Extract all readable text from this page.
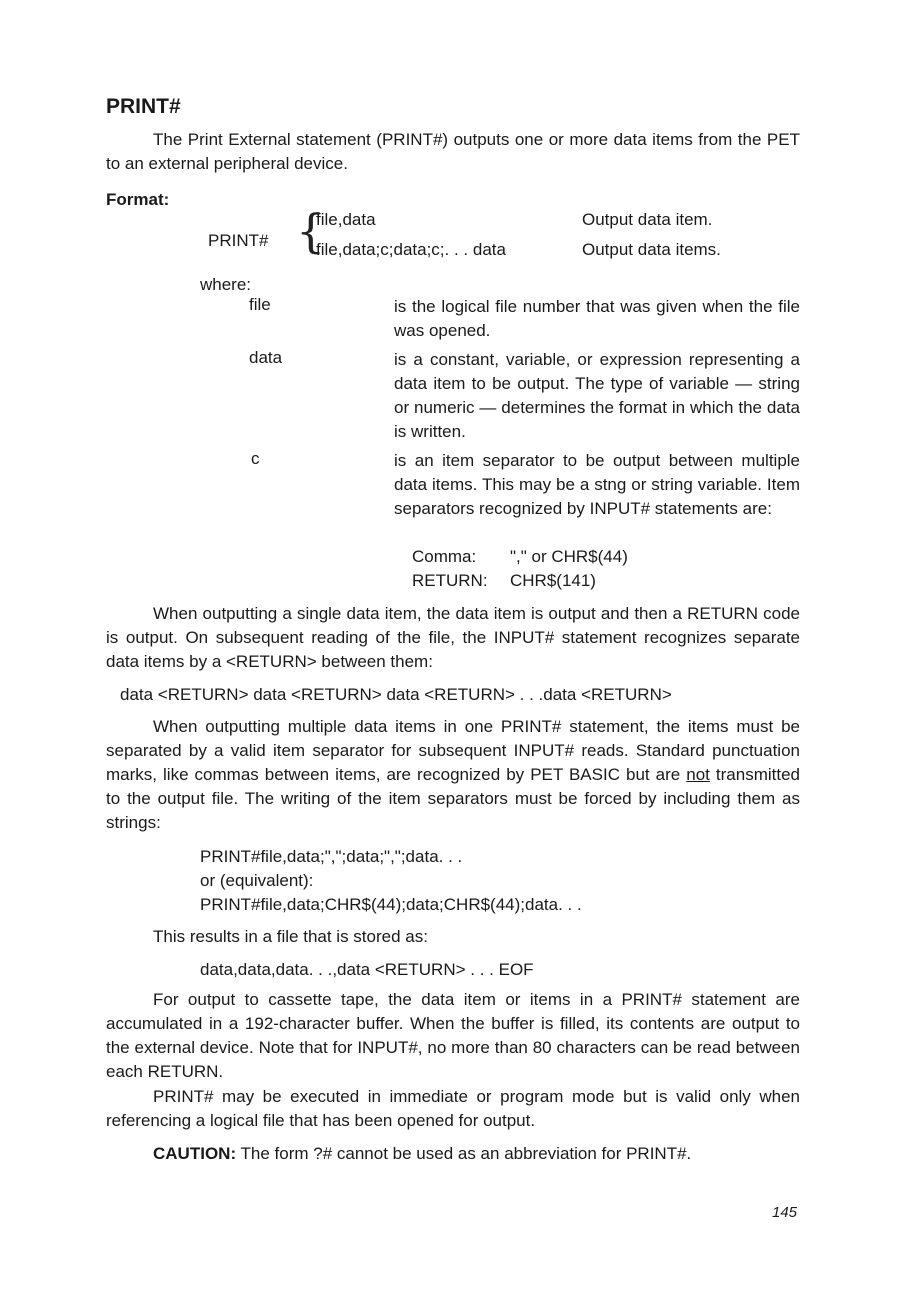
PRINT#
The Print External statement (PRINT#) outputs one or more data items from the PET to an external peripheral device.
Format:
PRINT# {
file,data	Output data item.
file,data;c;data;c;. . . data	Output data items.
where:
file	is the logical file number that was given when the file was opened.
data	is a constant, variable, or expression representing a data item to be output. The type of variable — string or numeric — determines the format in which the data is written.
c	is an item separator to be output between multiple data items. This may be a stng or string variable. Item separators recognized by INPUT# statements are:
Comma: "," or CHR$(44)
RETURN: CHR$(141)
When outputting a single data item, the data item is output and then a RETURN code is output. On subsequent reading of the file, the INPUT# statement recognizes separate data items by a <RETURN> between them:
data <RETURN> data <RETURN> data <RETURN> . . .data <RETURN>
When outputting multiple data items in one PRINT# statement, the items must be separated by a valid item separator for subsequent INPUT# reads. Standard punctuation marks, like commas between items, are recognized by PET BASIC but are not transmitted to the output file. The writing of the item separators must be forced by including them as strings:
PRINT#file,data;",";data;",";data. . .
or (equivalent):
PRINT#file,data;CHR$(44);data;CHR$(44);data. . .
This results in a file that is stored as:
data,data,data. . .,data <RETURN> . . . EOF
For output to cassette tape, the data item or items in a PRINT# statement are accumulated in a 192-character buffer. When the buffer is filled, its contents are output to the external device. Note that for INPUT#, no more than 80 characters can be read between each RETURN.
PRINT# may be executed in immediate or program mode but is valid only when referencing a logical file that has been opened for output.
CAUTION: The form ?# cannot be used as an abbreviation for PRINT#.
145
